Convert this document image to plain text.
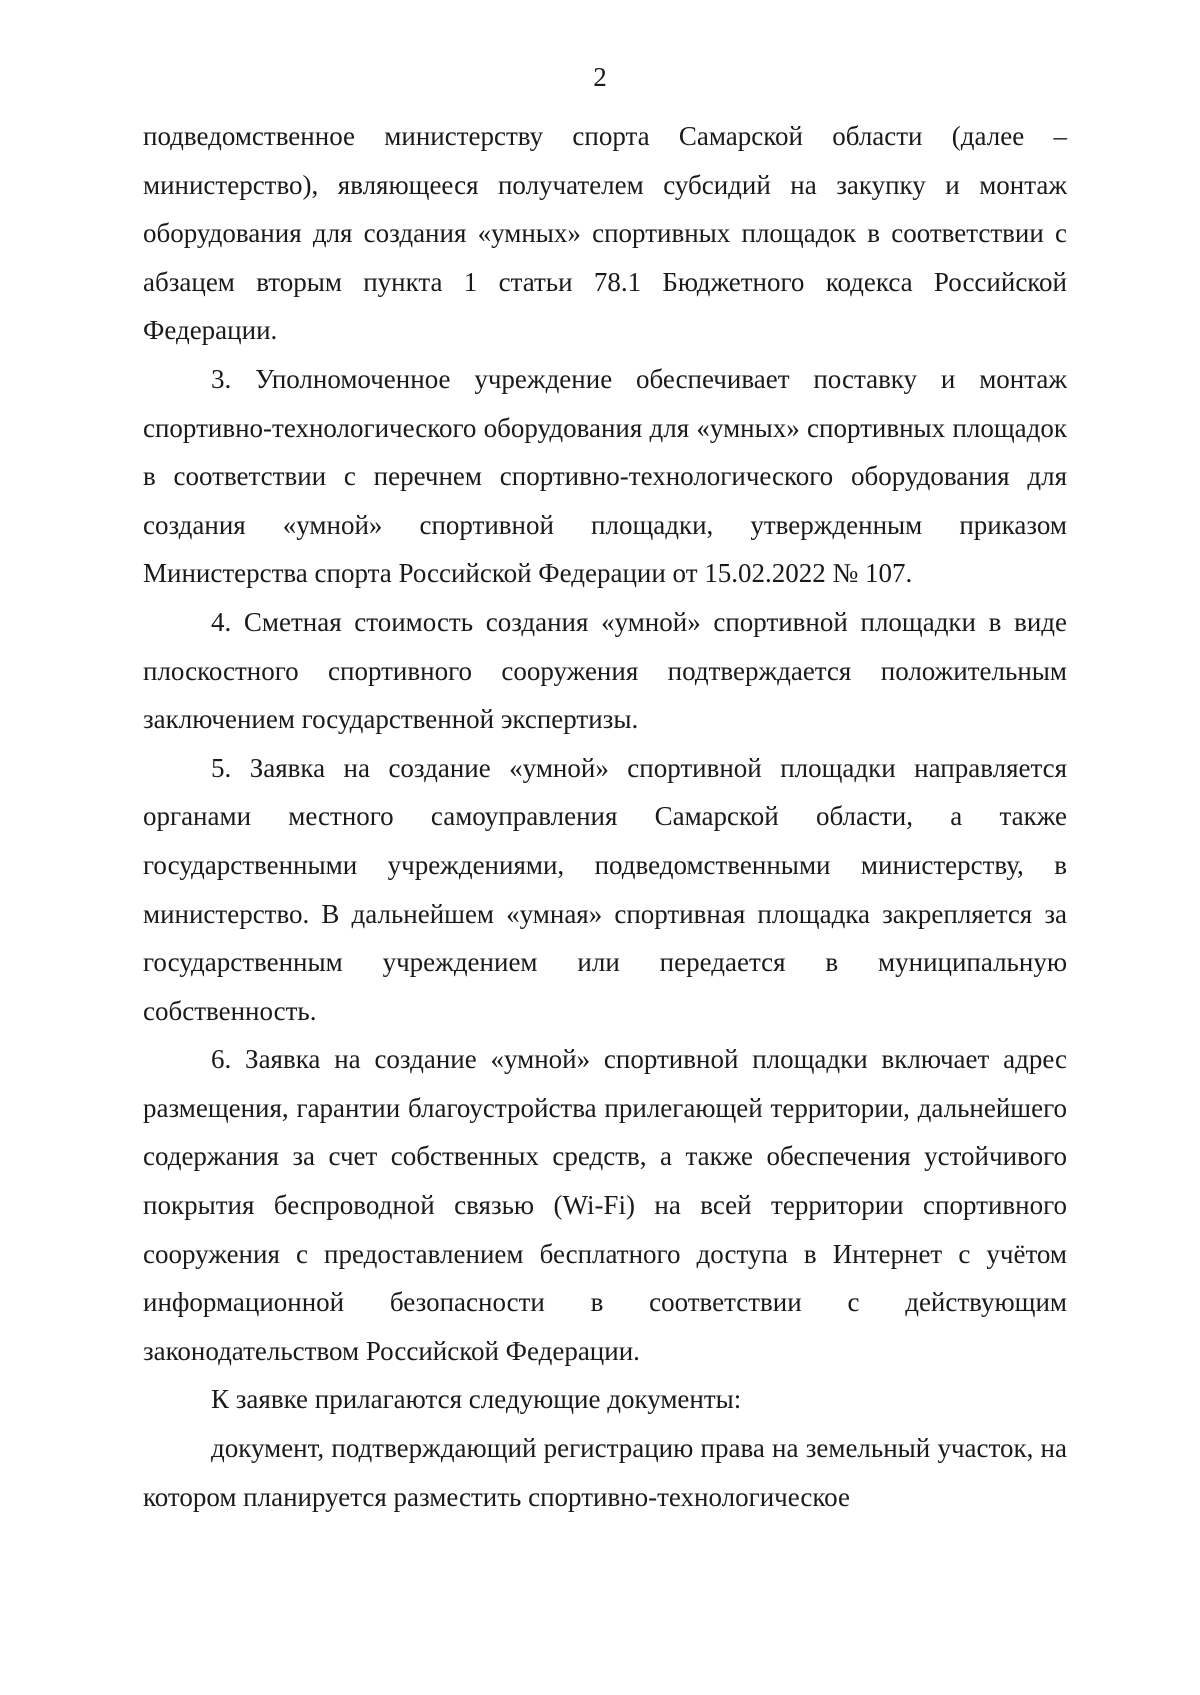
2

подведомственное министерству спорта Самарской области (далее – министерство), являющееся получателем субсидий на закупку и монтаж оборудования для создания «умных» спортивных площадок в соответствии с абзацем вторым пункта 1 статьи 78.1 Бюджетного кодекса Российской Федерации.

3. Уполномоченное учреждение обеспечивает поставку и монтаж спортивно-технологического оборудования для «умных» спортивных площадок в соответствии с перечнем спортивно-технологического оборудования для создания «умной» спортивной площадки, утвержденным приказом Министерства спорта Российской Федерации от 15.02.2022 № 107.

4. Сметная стоимость создания «умной» спортивной площадки в виде плоскостного спортивного сооружения подтверждается положительным заключением государственной экспертизы.

5. Заявка на создание «умной» спортивной площадки направляется органами местного самоуправления Самарской области, а также государственными учреждениями, подведомственными министерству, в министерство. В дальнейшем «умная» спортивная площадка закрепляется за государственным учреждением или передается в муниципальную собственность.

6. Заявка на создание «умной» спортивной площадки включает адрес размещения, гарантии благоустройства прилегающей территории, дальнейшего содержания за счет собственных средств, а также обеспечения устойчивого покрытия беспроводной связью (Wi-Fi) на всей территории спортивного сооружения с предоставлением бесплатного доступа в Интернет с учётом информационной безопасности в соответствии с действующим законодательством Российской Федерации.

К заявке прилагаются следующие документы:

документ, подтверждающий регистрацию права на земельный участок, на котором планируется разместить спортивно-технологическое
